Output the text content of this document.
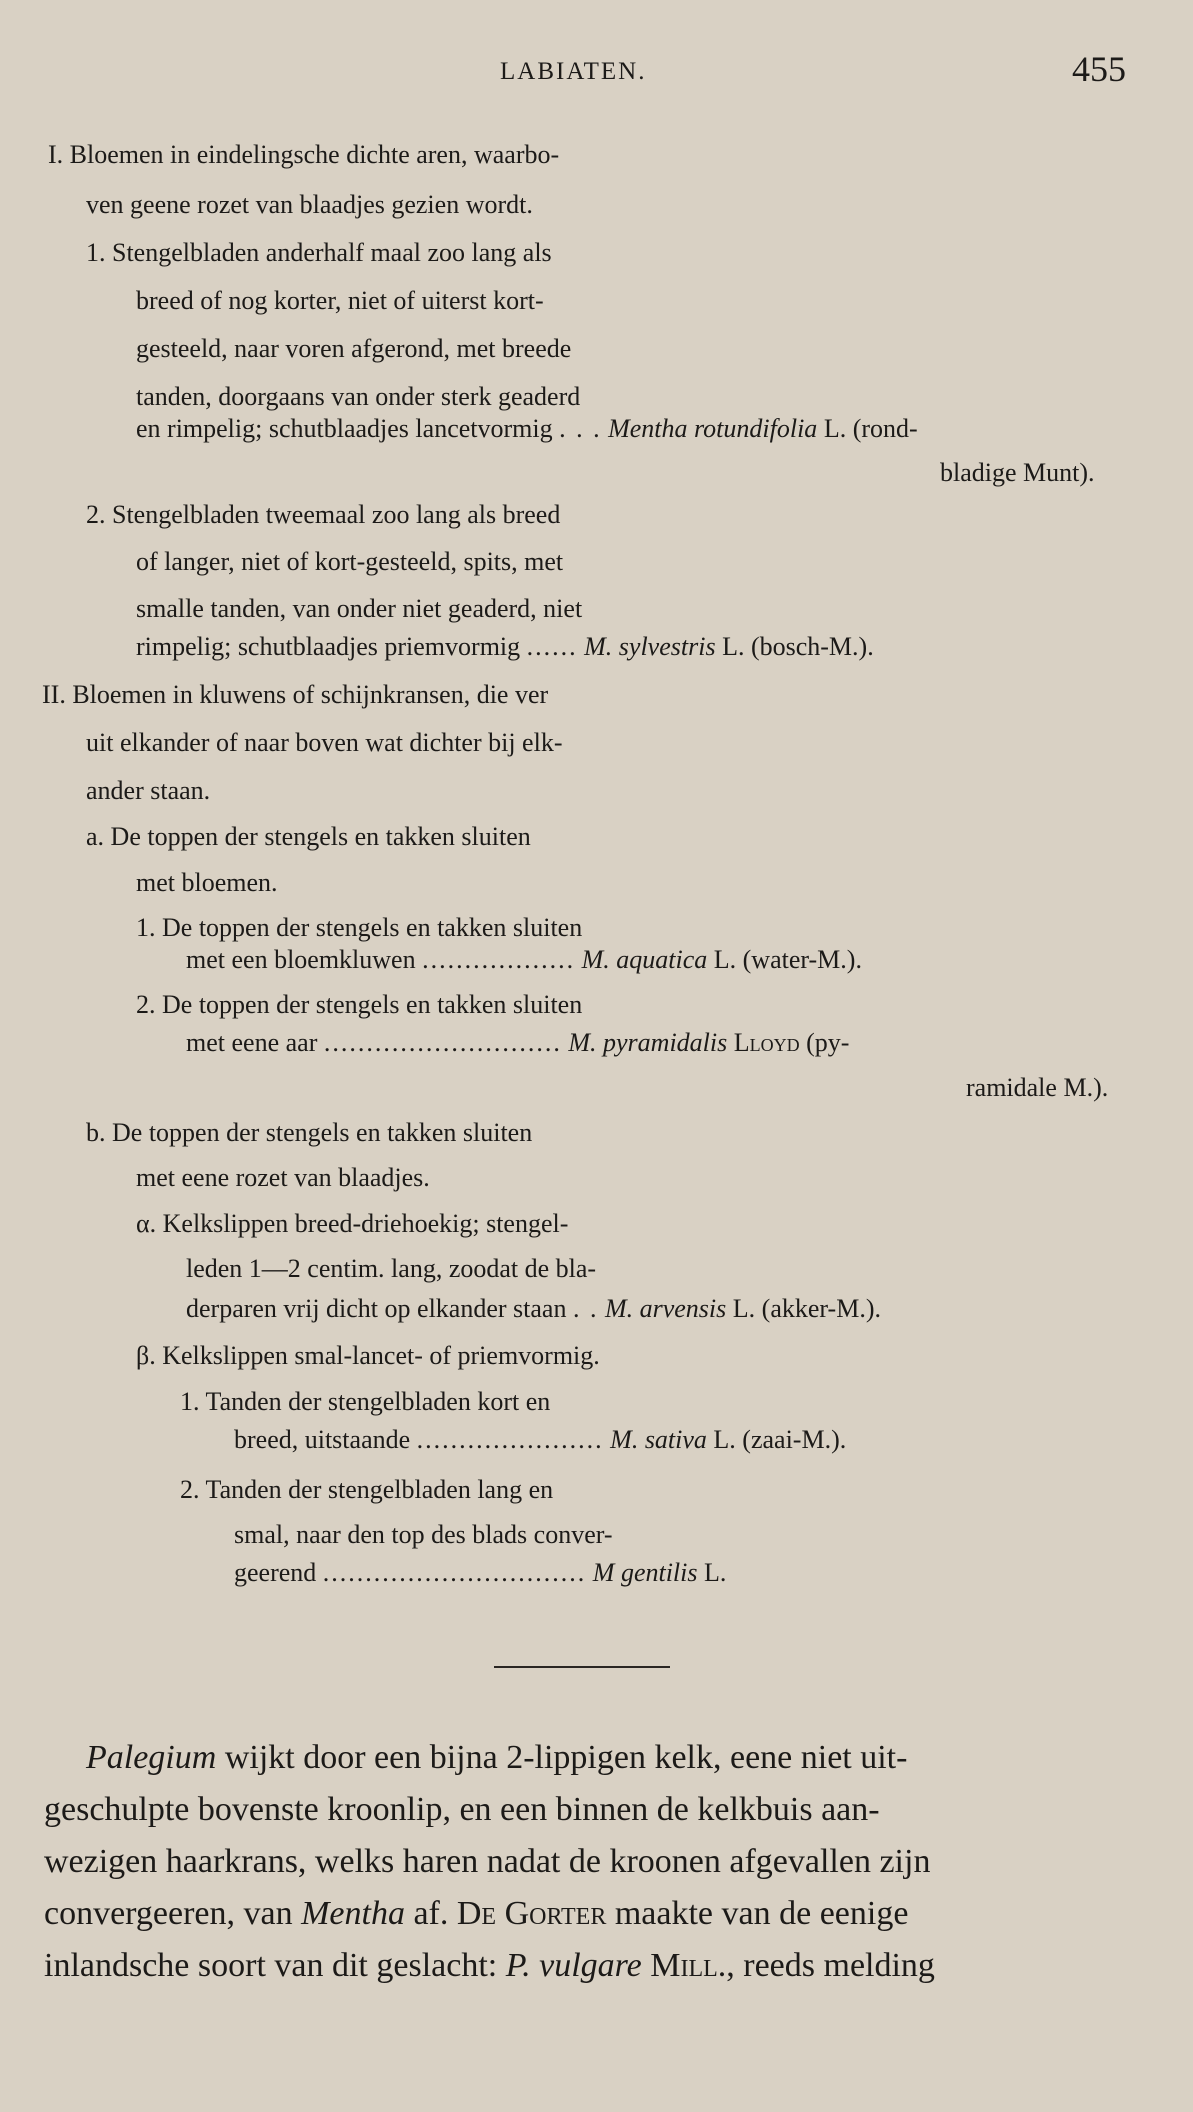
LABIATEN.	455
I. Bloemen in eindelingsche dichte aren, waarbo-
ven geene rozet van blaadjes gezien wordt.
1. Stengelbladen anderhalf maal zoo lang als
breed of nog korter, niet of uiterst kort-
gesteeld, naar voren afgerond, met breede
tanden, doorgaans van onder sterk geaderd
en rimpelig; schutblaadjes lancetvormig . . . Mentha rotundifolia L. (rond-
bladige Munt).
2. Stengelbladen tweemaal zoo lang als breed
of langer, niet of kort-gesteeld, spits, met
smalle tanden, van onder niet geaderd, niet
rimpelig; schutblaadjes priemvormig ...... M. sylvestris L. (bosch-M.).
II. Bloemen in kluwens of schijnkransen, die ver
uit elkander of naar boven wat dichter bij elk-
ander staan.
a. De toppen der stengels en takken sluiten
met bloemen.
1. De toppen der stengels en takken sluiten
met een bloemkluwen .................. M. aquatica L. (water-M.).
2. De toppen der stengels en takken sluiten
met eene aar ............................ M. pyramidalis Lloyd (py-
ramidale M.).
b. De toppen der stengels en takken sluiten
met eene rozet van blaadjes.
α. Kelkslippen breed-driehoekig; stengel-
leden 1—2 centim. lang, zoodat de bla-
derparen vrij dicht op elkander staan . . M. arvensis L. (akker-M.).
β. Kelkslippen smal-lancet- of priemvormig.
1. Tanden der stengelbladen kort en
breed, uitstaande ...................... M. sativa L. (zaai-M.).
2. Tanden der stengelbladen lang en
smal, naar den top des blads conver-
geerend ............................... M gentilis L.
Palegium wijkt door een bijna 2-lippigen kelk, eene niet uit-
geschulpte bovenste kroonlip, en een binnen de kelkbuis aan-
wezigen haarkrans, welks haren nadat de kroonen afgevallen zijn
convergeeren, van Mentha af. De Gorter maakte van de eenige
inlandsche soort van dit geslacht: P. vulgare Mill., reeds melding
